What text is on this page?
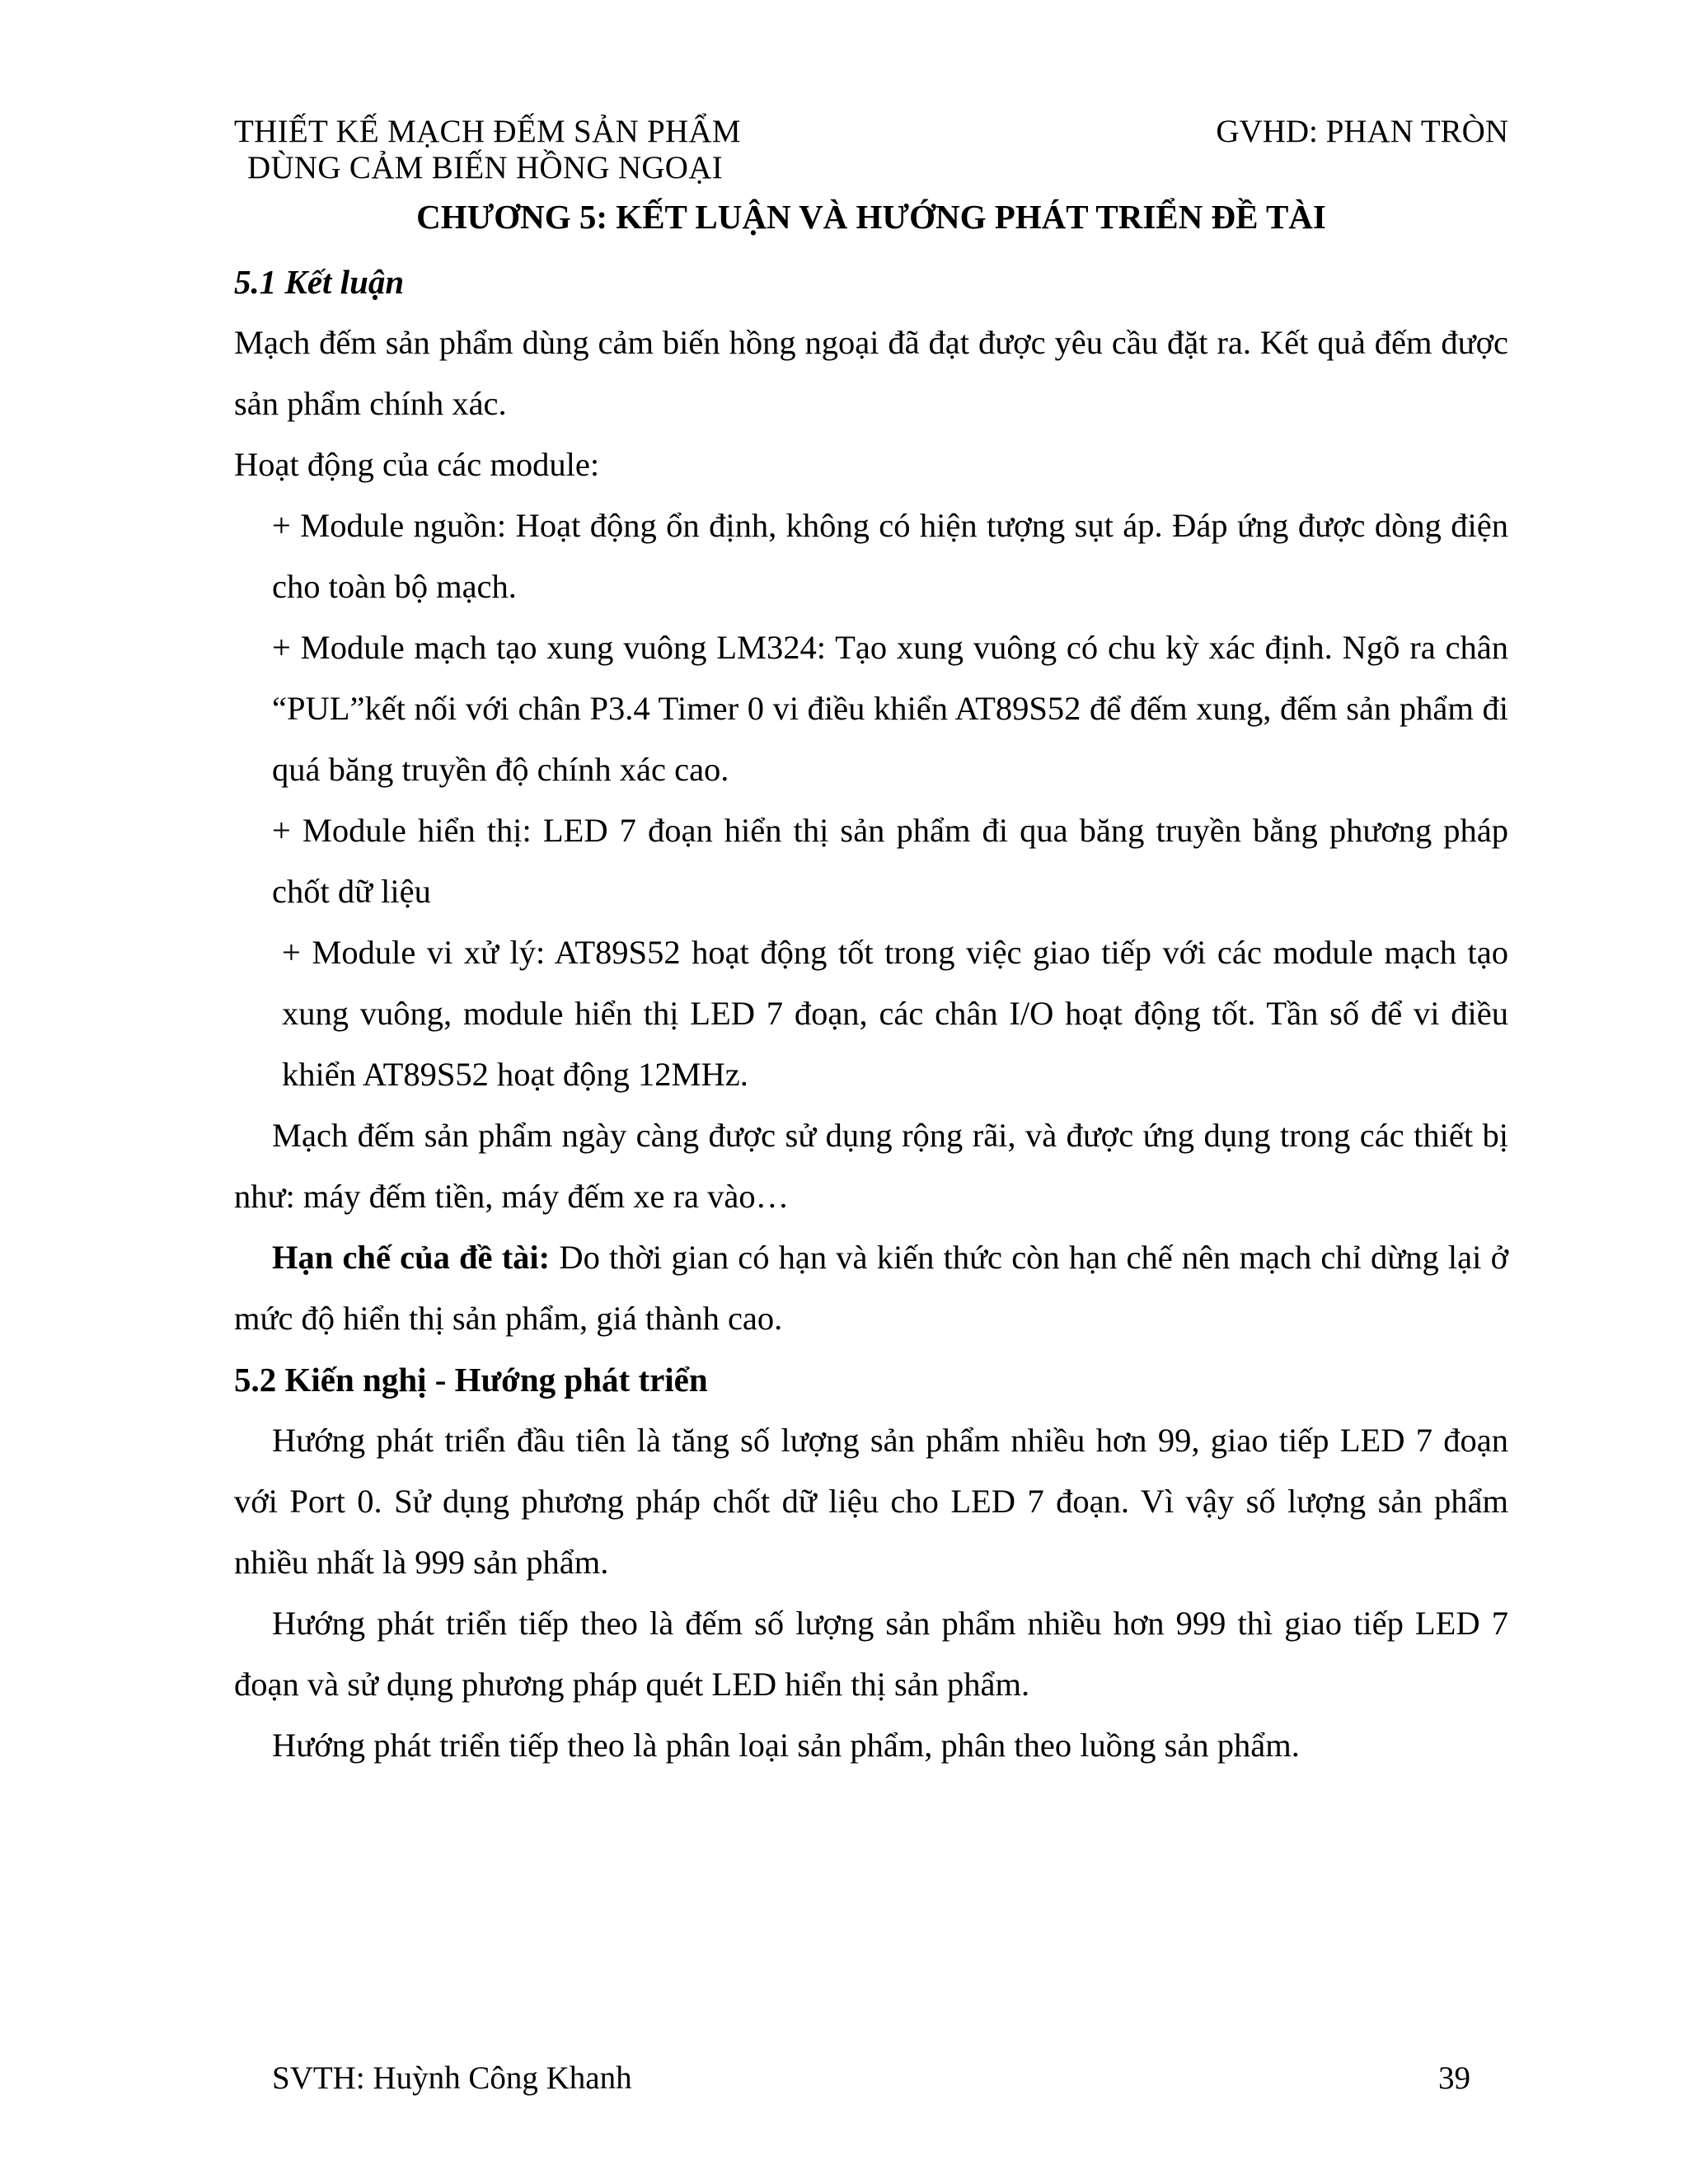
THIẾT KẾ MẠCH ĐẾM SẢN PHẨM
DÙNG CẢM BIẾN HỒNG NGOẠI
GVHD: PHAN TRÒN
CHƯƠNG 5: KẾT LUẬN VÀ HƯỚNG PHÁT TRIỂN ĐỀ TÀI

5.1 Kết luận

Mạch đếm sản phẩm dùng cảm biến hồng ngoại đã đạt được yêu cầu đặt ra. Kết quả đếm được sản phẩm chính xác.

Hoạt động của các module:

+ Module nguồn: Hoạt động ổn định, không có hiện tượng sụt áp. Đáp ứng được dòng điện cho toàn bộ mạch.

+ Module mạch tạo xung vuông LM324: Tạo xung vuông có chu kỳ xác định. Ngõ ra chân “PUL”kết nối với chân P3.4 Timer 0 vi điều khiển AT89S52 để đếm xung, đếm sản phẩm đi quá băng truyền độ chính xác cao.

+ Module hiển thị: LED 7 đoạn hiển thị sản phẩm đi qua băng truyền bằng phương pháp chốt dữ liệu

+ Module vi xử lý: AT89S52 hoạt động tốt trong việc giao tiếp với các module mạch tạo xung vuông, module hiển thị LED 7 đoạn, các chân I/O hoạt động tốt. Tần số để vi điều khiển AT89S52 hoạt động 12MHz.

Mạch đếm sản phẩm ngày càng được sử dụng rộng rãi, và được ứng dụng trong các thiết bị như: máy đếm tiền, máy đếm xe ra vào…

Hạn chế của đề tài: Do thời gian có hạn và kiến thức còn hạn chế nên mạch chỉ dừng lại ở mức độ hiển thị sản phẩm, giá thành cao.

5.2 Kiến nghị - Hướng phát triển

Hướng phát triển đầu tiên là tăng số lượng sản phẩm nhiều hơn 99, giao tiếp LED 7 đoạn với Port 0. Sử dụng phương pháp chốt dữ liệu cho LED 7 đoạn. Vì vậy số lượng sản phẩm nhiều nhất là 999 sản phẩm.

Hướng phát triển tiếp theo là đếm số lượng sản phẩm nhiều hơn 999 thì giao tiếp LED 7 đoạn và sử dụng phương pháp quét LED hiển thị sản phẩm.

Hướng phát triển tiếp theo là phân loại sản phẩm, phân theo luồng sản phẩm.

SVTH: Huỳnh Công Khanh	39
